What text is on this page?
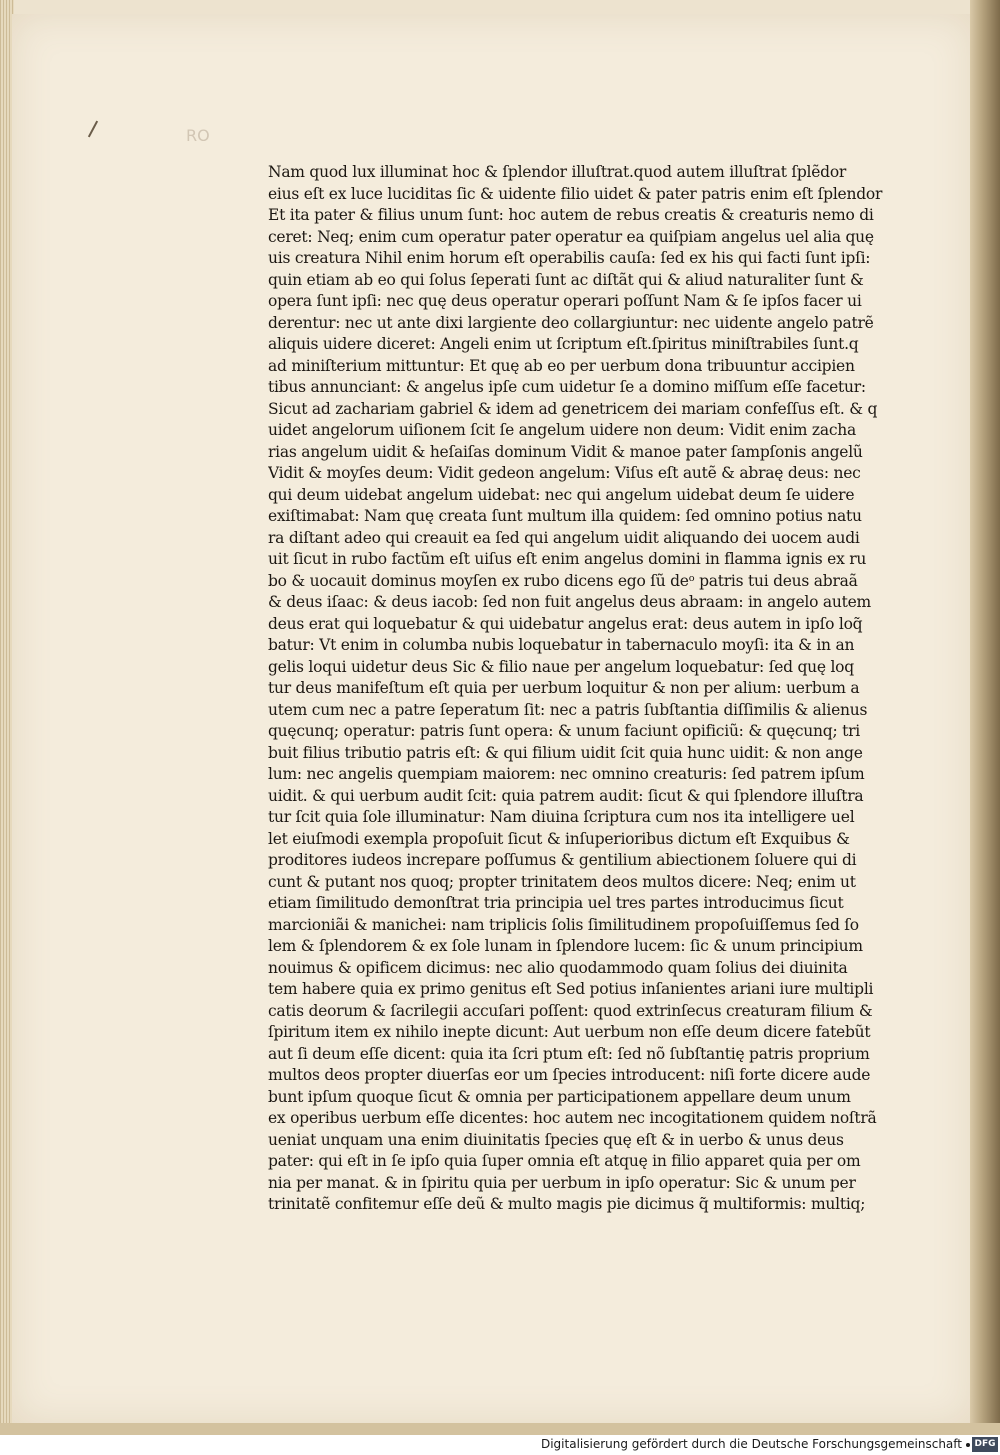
RO
Nam quod lux illuminat hoc & ſplendor illuſtrat.quod autem illuſtrat ſplẽdor
eius eſt ex luce luciditas ſic & uidente filio uidet & pater patris enim eſt ſplendor
Et ita pater & filius unum ſunt: hoc autem de rebus creatis & creaturis nemo di
ceret: Neq; enim cum operatur pater operatur ea quiſpiam angelus uel alia quę
uis creatura Nihil enim horum eſt operabilis cauſa: ſed ex his qui facti ſunt ipſi:
quin etiam ab eo qui ſolus ſeperati ſunt ac diſtãt qui & aliud naturaliter ſunt &
opera ſunt ipſi: nec quę deus operatur operari poſſunt Nam & ſe ipſos facer ui
derentur: nec ut ante dixi largiente deo collargiuntur: nec uidente angelo patrẽ
aliquis uidere diceret: Angeli enim ut ſcriptum eſt.ſpiritus miniſtrabiles ſunt.q
ad miniſterium mittuntur: Et quę ab eo per uerbum dona tribuuntur accipien
tibus annunciant: & angelus ipſe cum uidetur ſe a domino miſſum eſſe facetur:
Sicut ad zachariam gabriel & idem ad genetricem dei mariam confeſſus eſt. & q
uidet angelorum uiſionem ſcit ſe angelum uidere non deum: Vidit enim zacha
rias angelum uidit & heſaiſas dominum Vidit & manoe pater ſampſonis angelũ
Vidit & moyſes deum: Vidit gedeon angelum: Viſus eſt autẽ & abraę deus: nec
qui deum uidebat angelum uidebat: nec qui angelum uidebat deum ſe uidere
exiſtimabat: Nam quę creata ſunt multum illa quidem: ſed omnino potius natu
ra diſtant adeo qui creauit ea ſed qui angelum uidit aliquando dei uocem audi
uit ſicut in rubo factũm eſt uiſus eſt enim angelus domini in flamma ignis ex ru
bo & uocauit dominus moyſen ex rubo dicens ego ſũ deᵒ patris tui deus abraã
& deus iſaac: & deus iacob: ſed non fuit angelus deus abraam: in angelo autem
deus erat qui loquebatur & qui uidebatur angelus erat: deus autem in ipſo loq̃
batur: Vt enim in columba nubis loquebatur in tabernaculo moyſi: ita & in an
gelis loqui uidetur deus Sic & filio naue per angelum loquebatur: ſed quę loq
tur deus manifeſtum eſt quia per uerbum loquitur & non per alium: uerbum a
utem cum nec a patre ſeperatum ſit: nec a patris ſubſtantia diſſimilis & alienus
quęcunq; operatur: patris ſunt opera: & unum faciunt opificiũ: & quęcunq; tri
buit filius tributio patris eſt: & qui filium uidit ſcit quia hunc uidit: & non ange
lum: nec angelis quempiam maiorem: nec omnino creaturis: ſed patrem ipſum
uidit. & qui uerbum audit ſcit: quia patrem audit: ſicut & qui ſplendore illuſtra
tur ſcit quia ſole illuminatur: Nam diuina ſcriptura cum nos ita intelligere uel
let eiuſmodi exempla propoſuit ſicut & inſuperioribus dictum eſt Exquibus &
proditores iudeos increpare poſſumus & gentilium abiectionem ſoluere qui di
cunt & putant nos quoq; propter trinitatem deos multos dicere: Neq; enim ut
etiam ſimilitudo demonſtrat tria principia uel tres partes introducimus ſicut
marcioniãi & manichei: nam triplicis ſolis ſimilitudinem propoſuiſſemus ſed ſo
lem & ſplendorem & ex ſole lunam in ſplendore lucem: ſic & unum principium
nouimus & opificem dicimus: nec alio quodammodo quam ſolius dei diuinita
tem habere quia ex primo genitus eſt Sed potius inſanientes ariani iure multipli
catis deorum & ſacrilegii accuſari poſſent: quod extrinſecus creaturam filium &
ſpiritum item ex nihilo inepte dicunt: Aut uerbum non eſſe deum dicere fatebũt
aut ſi deum eſſe dicent: quia ita ſcri ptum eſt: ſed nõ ſubſtantię patris proprium
multos deos propter diuerſas eor um ſpecies introducent: niſi forte dicere aude
bunt ipſum quoque ſicut & omnia per participationem appellare deum unum
ex operibus uerbum eſſe dicentes: hoc autem nec incogitationem quidem noſtrã
ueniat unquam una enim diuinitatis ſpecies quę eſt & in uerbo & unus deus
pater: qui eſt in ſe ipſo quia ſuper omnia eſt atquę in filio apparet quia per om
nia per manat. & in ſpiritu quia per uerbum in ipſo operatur: Sic & unum per
trinitatẽ confitemur eſſe deũ & multo magis pie dicimus q̃ multiformis: multiq;
Digitalisierung gefördert durch die Deutsche Forschungsgemeinschaft DFG
